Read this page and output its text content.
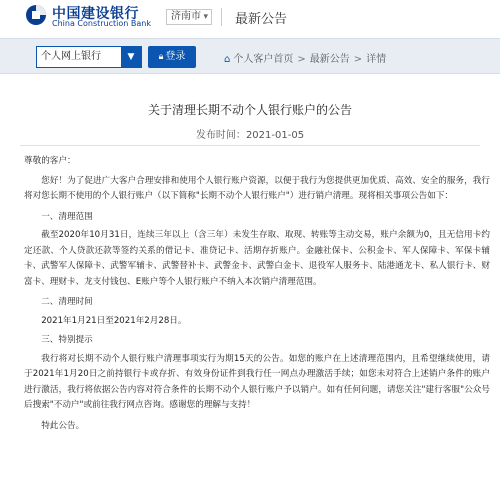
中国建设银行
China Construction Bank
济南市 ▾ 最新公告
个人网上银行	▼	🔒︎ 登录	⌂ 个人客户首页 > 最新公告 > 详情
关于清理长期不动个人银行账户的公告
发布时间：2021-01-05

尊敬的客户：

您好！为了促进广大客户合理安排和使用个人银行账户资源，以便于我行为您提供更加优质、高效、安全的服务，我行将对您长期不使用的个人银行账户（以下简称"长期不动个人银行账户"）进行销户清理。现将相关事项公告如下：

一、清理范围

截至2020年10月31日，连续三年以上（含三年）未发生存取、取现、转账等主动交易，账户余额为0，且无信用卡约定还款、个人贷款还款等签约关系的借记卡、准贷记卡、活期存折账户。金融社保卡、公积金卡、军人保障卡、军保卡辅卡、武警军人保障卡、武警军辅卡、武警替补卡、武警金卡、武警白金卡、退役军人服务卡、陆港通龙卡、私人银行卡、财富卡、理财卡、龙支付钱包、E账户等个人银行账户不纳入本次销户清理范围。

二、清理时间

2021年1月21日至2021年2月28日。

三、特别提示

我行将对长期不动个人银行账户清理事项实行为期15天的公告。如您的账户在上述清理范围内，且希望继续使用，请于2021年1月20日之前持银行卡或存折、有效身份证件到我行任一网点办理激活手续；如您未对符合上述销户条件的账户进行激活，我行将依据公告内容对符合条件的长期不动个人银行账户予以销户。如有任何问题，请您关注"建行客服"公众号后搜索"不动户"或前往我行网点咨询。感谢您的理解与支持！

特此公告。
